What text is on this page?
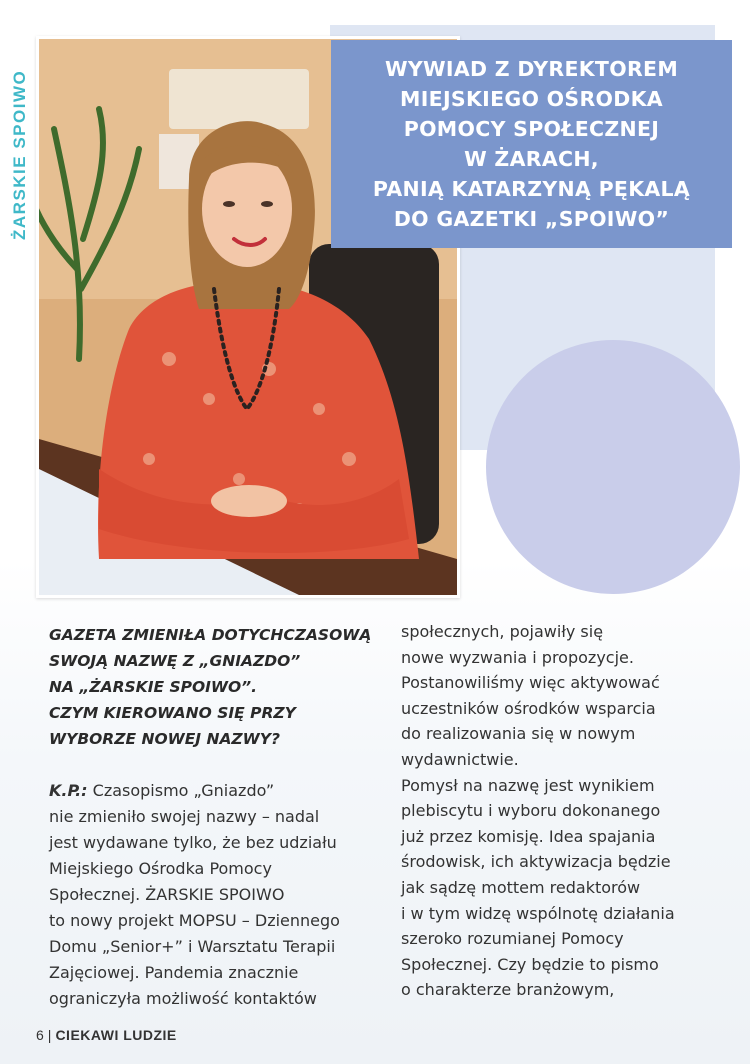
ŻARSKIE SPOIWO
WYWIAD Z DYREKTOREM
MIEJSKIEGO OŚRODKA
POMOCY SPOŁECZNEJ
W ŻARACH,
PANIĄ KATARZYNĄ PĘKALĄ
DO GAZETKI „SPOIWO”
GAZETA ZMIENIŁA DOTYCHCZASOWĄ
SWOJĄ NAZWĘ Z „GNIAZDO”
NA „ŻARSKIE SPOIWO”.
CZYM KIEROWANO SIĘ PRZY
WYBORZE NOWEJ NAZWY?
K.P.: Czasopismo „Gniazdo”
nie zmieniło swojej nazwy – nadal
jest wydawane tylko, że bez udziału
Miejskiego Ośrodka Pomocy
Społecznej. ŻARSKIE SPOIWO
to nowy projekt MOPSU – Dziennego
Domu „Senior+” i Warsztatu Terapii
Zajęciowej. Pandemia znacznie
ograniczyła możliwość kontaktów
społecznych, pojawiły się
nowe wyzwania i propozycje.
Postanowiliśmy więc aktywować
uczestników ośrodków wsparcia
do realizowania się w nowym
wydawnictwie.
Pomysł na nazwę jest wynikiem
plebiscytu i wyboru dokonanego
już przez komisję. Idea spajania
środowisk, ich aktywizacja będzie
jak sądzę mottem redaktorów
i w tym widzę wspólnotę działania
szeroko rozumianej Pomocy
Społecznej. Czy będzie to pismo
o charakterze branżowym,
6 | CIEKAWI LUDZIE
